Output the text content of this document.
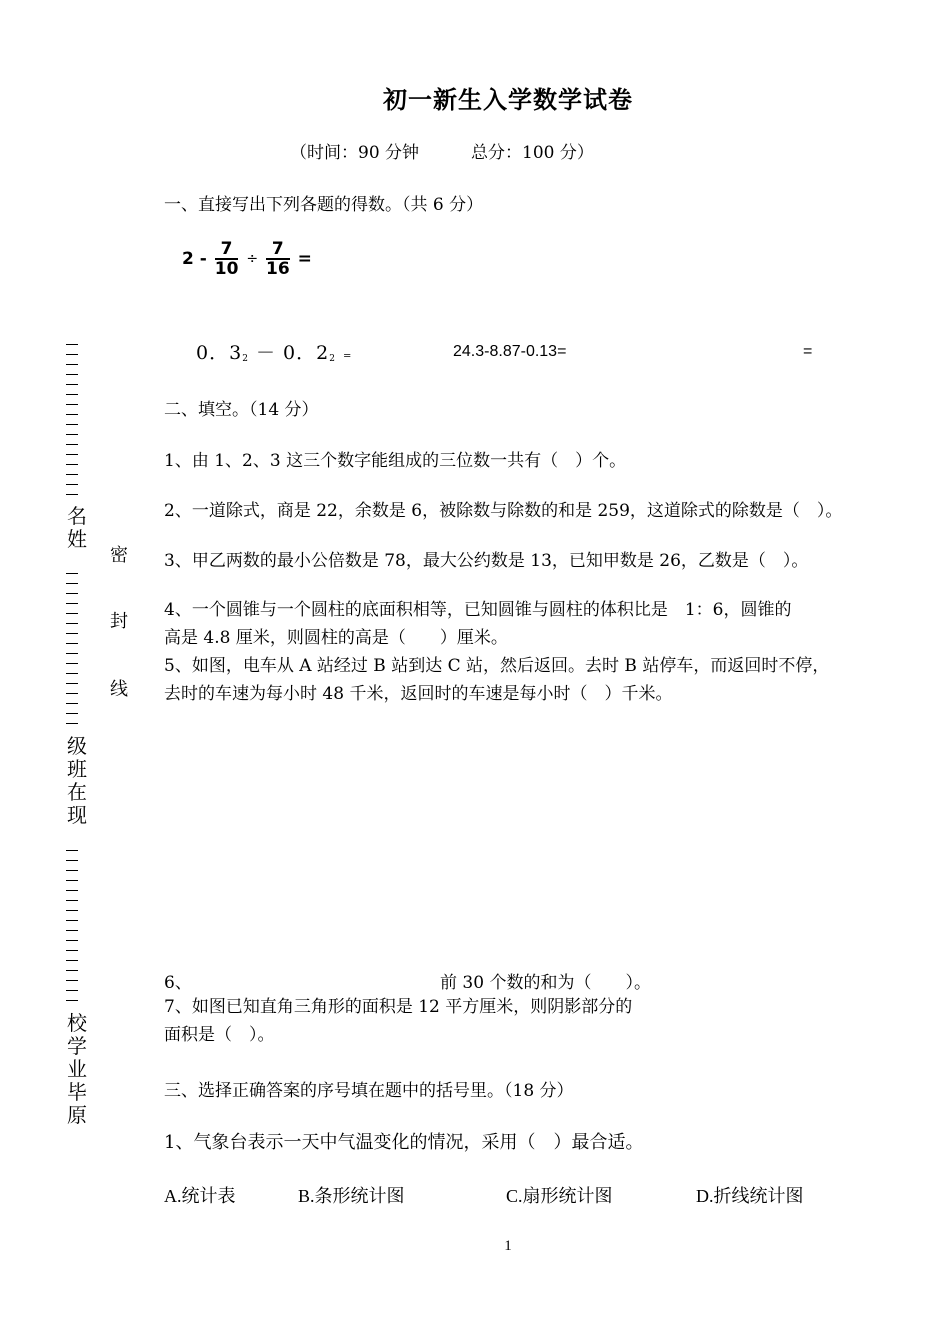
初一新生入学数学试卷
（时间：90 分钟	总分：100 分）
一、直接写出下列各题的得数。（共 6 分）
$2 - \frac{7}{10} \div \frac{7}{16}$ =
0．$3^2 - 0$．$2^2$ =	24.3-8.87-0.13=	=
二、填空。（14 分）
1、由 1、2、3 这三个数字能组成的三位数一共有（　）个。
2、一道除式，商是 22，余数是 6，被除数与除数的和是 259，这道除式的除数是（　）。
3、甲乙两数的最小公倍数是 78，最大公约数是 13，已知甲数是 26，乙数是（　）。
4、一个圆锥与一个圆柱的底面积相等，已知圆锥与圆柱的体积比是　1：6，圆锥的
高是 4.8 厘米，则圆柱的高是（　　）厘米。
5、如图，电车从 A 站经过 B 站到达 C 站，然后返回。去时 B 站停车，而返回时不停，
去时的车速为每小时 48 千米，返回时的车速是每小时（　）千米。
6、	前 30 个数的和为（　　）。
7、如图已知直角三角形的面积是 12 平方厘米，则阴影部分的
面积是（　）。
三、选择正确答案的序号填在题中的括号里。（18 分）
1、气象台表示一天中气温变化的情况，采用（　）最合适。
A.统计表	B.条形统计图	C.扇形统计图	D.折线统计图
1
名
姓
级
班
在
现
校
学
业
毕
原
密
封
线
